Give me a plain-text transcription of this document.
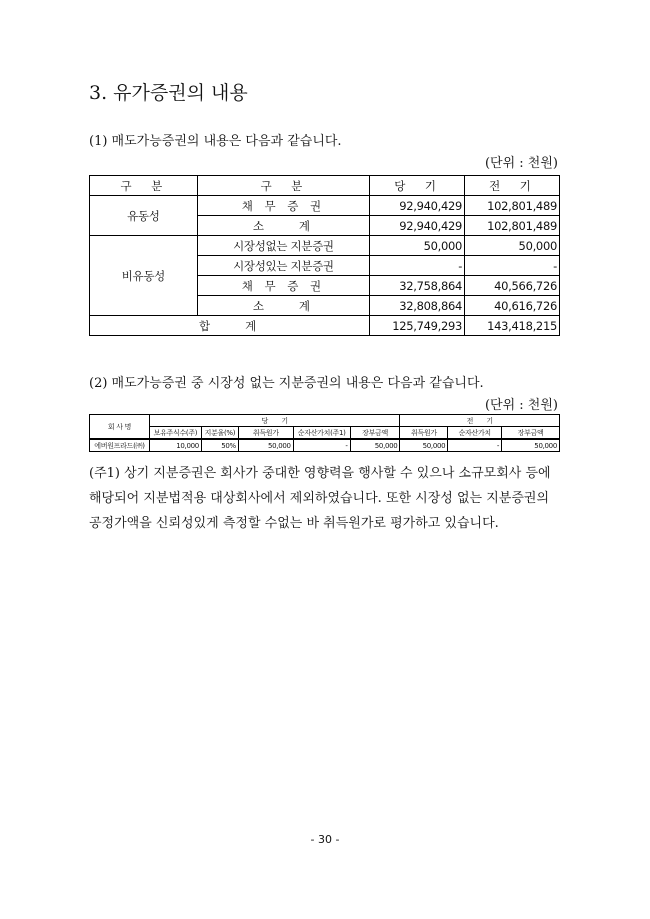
3. 유가증권의 내용
(1) 매도가능증권의 내용은 다음과 같습니다.
(단위 : 천원)
구　분	구　분	당　기	전　기
유동성	채 무 증 권	92,940,429	102,801,489
	소　　계	92,940,429	102,801,489
비유동성	시장성없는 지분증권	50,000	50,000
	시장성있는 지분증권	-	-
	채 무 증 권	32,758,864	40,566,726
	소　　계	32,808,864	40,616,726
합　　계		125,749,293	143,418,215
(2) 매도가능증권 중 시장성 없는 지분증권의 내용은 다음과 같습니다.
(단위 : 천원)
회 사 명	당　　기					전　　기		
	보유주식수(주)	지분율(%)	취득원가	순자산가치(주1)	장부금액	취득원가	순자산가치	장부금액
에버원프라드(㈜)	10,000	50%	50,000	-	50,000	50,000	-	50,000
(주1) 상기 지분증권은 회사가 중대한 영향력을 행사할 수 있으나 소규모회사 등에
해당되어 지분법적용 대상회사에서 제외하였습니다. 또한 시장성 없는 지분증권의
공정가액을 신뢰성있게 측정할 수없는 바 취득원가로 평가하고 있습니다.
- 30 -
